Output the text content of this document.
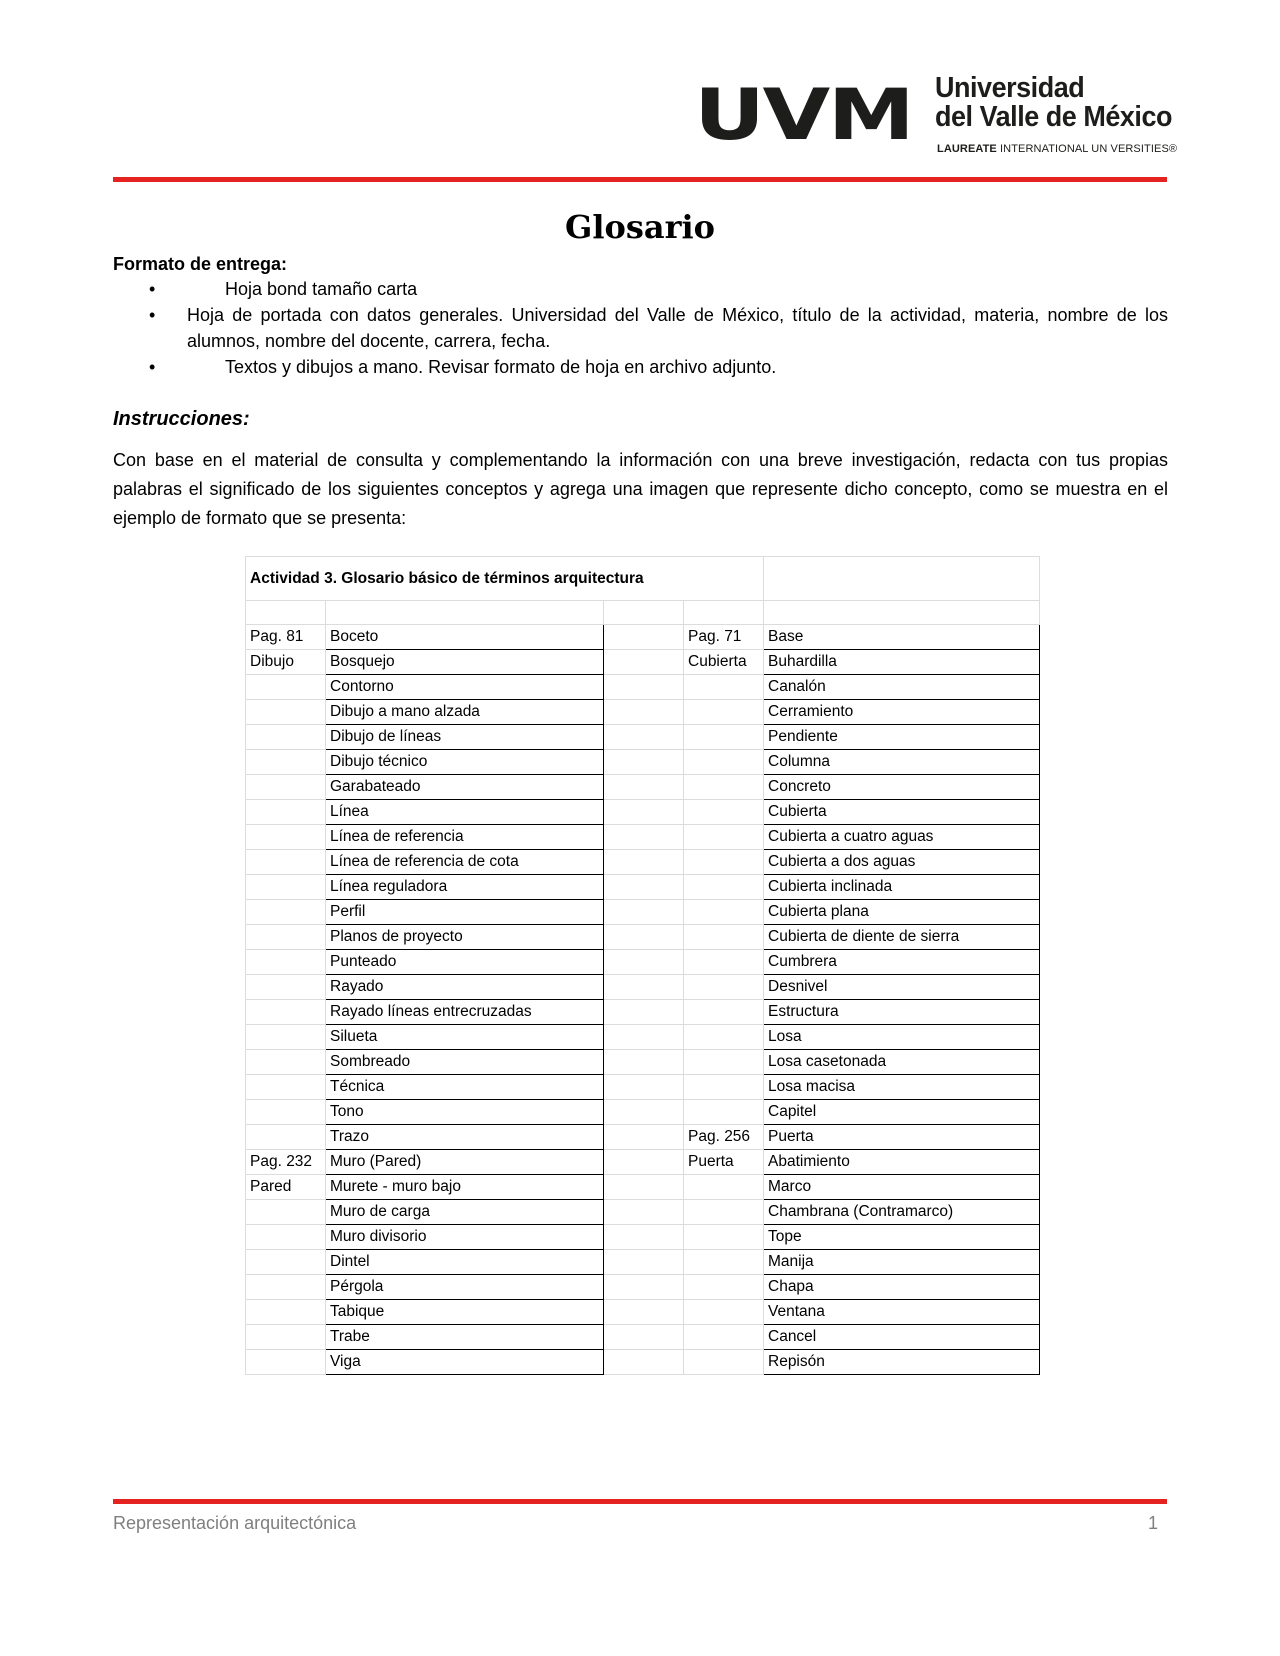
UVM Universidad
del Valle de México
LAUREATE INTERNATIONAL UN VERSITIES®
Glosario
Formato de entrega:
•	Hoja bond tamaño carta
• Hoja de portada con datos generales. Universidad del Valle de México, título de la actividad, materia, nombre de los alumnos, nombre del docente, carrera, fecha.
•	Textos y dibujos a mano. Revisar formato de hoja en archivo adjunto.
Instrucciones:

Con base en el material de consulta y complementando la información con una breve investigación, redacta con tus propias palabras el significado de los siguientes conceptos y agrega una imagen que represente dicho concepto, como se muestra en el ejemplo de formato que se presenta:

Actividad 3. Glosario básico de términos arquitectura				

Pag. 81	Boceto		Pag. 71	Base
Dibujo	Bosquejo		Cubierta	Buhardilla
	Contorno			Canalón
	Dibujo a mano alzada			Cerramiento
	Dibujo de líneas			Pendiente
	Dibujo técnico			Columna
	Garabateado			Concreto
	Línea			Cubierta
	Línea de referencia			Cubierta a cuatro aguas
	Línea de referencia de cota			Cubierta a dos aguas
	Línea reguladora			Cubierta inclinada
	Perfil			Cubierta plana
	Planos de proyecto			Cubierta de diente de sierra
	Punteado			Cumbrera
	Rayado			Desnivel
	Rayado líneas entrecruzadas			Estructura
	Silueta			Losa
	Sombreado			Losa casetonada
	Técnica			Losa macisa
	Tono			Capitel
	Trazo		Pag. 256	Puerta
Pag. 232	Muro (Pared)		Puerta	Abatimiento
Pared	Murete - muro bajo			Marco
	Muro de carga			Chambrana (Contramarco)
	Muro divisorio			Tope
	Dintel			Manija
	Pérgola			Chapa
	Tabique			Ventana
	Trabe			Cancel
	Viga			Repisón
Representación arquitectónica	1
